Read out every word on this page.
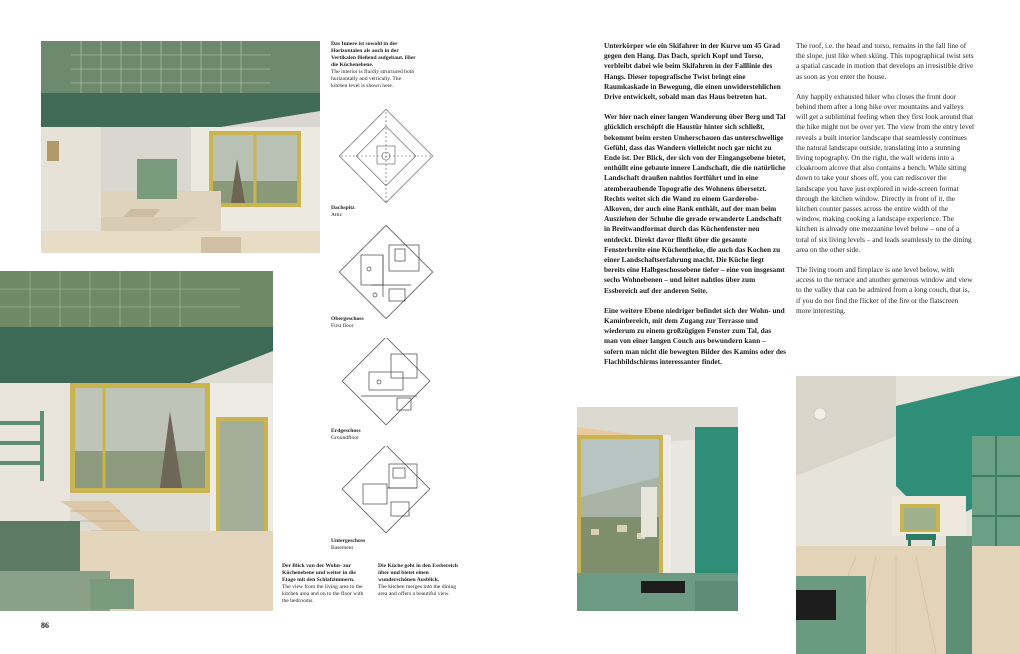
Das Innere ist sowohl in der Horizontalen als auch in der Vertikalen fließend aufgebaut. Hier die Küchenebene.
The interior is fluidly structured both horizontally and vertically. The kitchen level is shown here.
Dachspitz
Attic
Obergeschoss
First floor
Erdgeschoss
Groundfloor
Untergeschoss
Basement
Der Blick von der Wohn- zur Küchenebene und weiter in die Etage mit den Schlafzimmern.
The view from the living area to the kitchen area and on to the floor with the bedrooms.
Die Küche geht in den Essbereich über und bietet einen wunderschönen Ausblick.
The kitchen merges into the dining area and offers a beautiful view.
86

Unterkörper wie ein Skifahrer in der Kurve um 45 Grad gegen den Hang. Das Dach, sprich Kopf und Torso, verbleibt dabei wie beim Skifahren in der Falllinie des Hangs. Dieser topografische Twist bringt eine Raumkaskade in Bewegung, die einen unwiderstehlichen Drive entwickelt, sobald man das Haus betreten hat.

Wer hier nach einer langen Wanderung über Berg und Tal glücklich erschöpft die Haustür hinter sich schließt, bekommt beim ersten Umherschauen das unterschwellige Gefühl, dass das Wandern vielleicht noch gar nicht zu Ende ist. Der Blick, der sich von der Eingangsebene bietet, enthüllt eine gebaute innere Landschaft, die die natürliche Landschaft draußen nahtlos fortführt und in eine atemberaubende Topografie des Wohnens übersetzt. Rechts weitet sich die Wand zu einem Garderobe-Alkoven, der auch eine Bank enthält, auf der man beim Ausziehen der Schuhe die gerade erwanderte Landschaft in Breitwandformat durch das Küchenfenster neu entdeckt. Direkt davor fließt über die gesamte Fensterbreite eine Küchentheke, die auch das Kochen zu einer Landschaftserfahrung macht. Die Küche liegt bereits eine Halbgeschossebene tiefer – eine von insgesamt sechs Wohnebenen – und leitet nahtlos über zum Essbereich auf der anderen Seite.

Eine weitere Ebene niedriger befindet sich der Wohn- und Kaminbereich, mit dem Zugang zur Terrasse und wiederum zu einem großzügigen Fenster zum Tal, das man von einer langen Couch aus bewundern kann – sofern man nicht die bewegten Bilder des Kamins oder des Flachbildschirms interessanter findet.

The roof, i.e. the head and torso, remains in the fall line of the slope, just like when skiing. This topographical twist sets a spatial cascade in motion that develops an irresistible drive as soon as you enter the house.

Any happily exhausted hiker who closes the front door behind them after a long hike over mountains and valleys will get a subliminal feeling when they first look around that the hike might not be over yet. The view from the entry level reveals a built interior landscape that seamlessly continues the natural landscape outside, translating into a stunning living topography. On the right, the wall widens into a cloakroom alcove that also contains a bench. While sitting down to take your shoes off, you can rediscover the landscape you have just explored in wide-screen format through the kitchen window. Directly in front of it, the kitchen counter passes across the entire width of the window, making cooking a landscape experience. The kitchen is already one mezzanine level below – one of a total of six living levels – and leads seamlessly to the dining area on the other side.

The living room and fireplace is one level below, with access to the terrace and another generous window and view to the valley that can be admired from a long couch, that is, if you do not find the flicker of the fire or the flatscreen more interesting.
